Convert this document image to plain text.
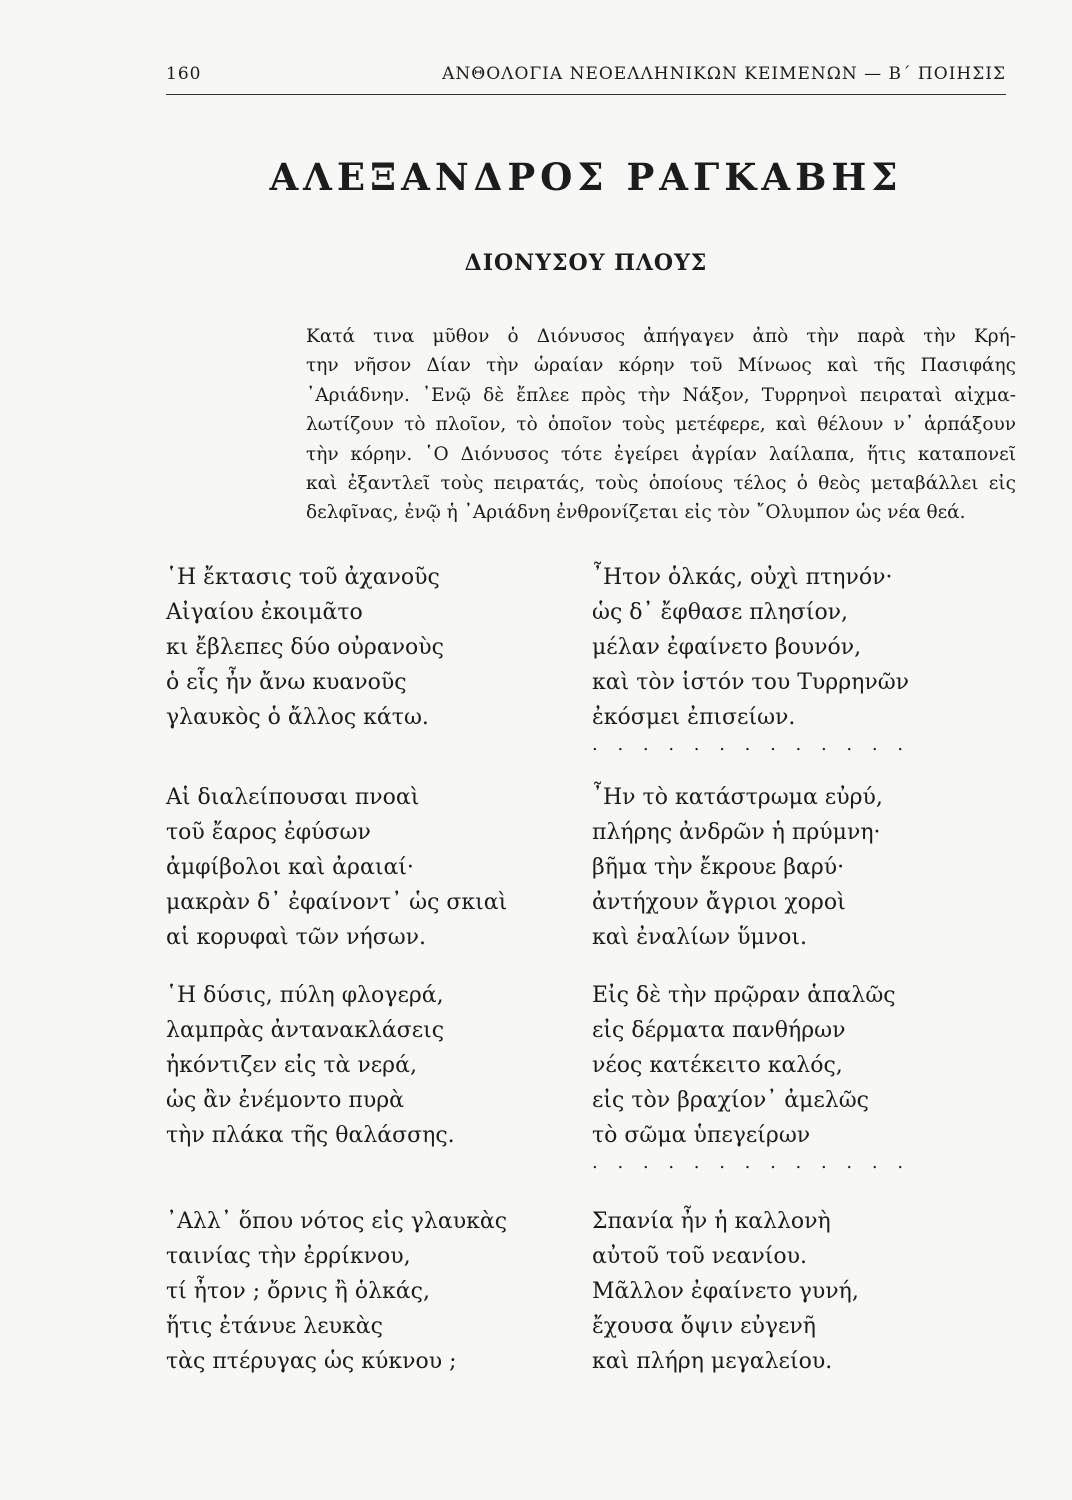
160	ΑΝΘΟΛΟΓΙΑ ΝΕΟΕΛΛΗΝΙΚΩΝ ΚΕΙΜΕΝΩΝ — Β΄ ΠΟΙΗΣΙΣ
ΑΛΕΞΑΝΔΡΟΣ ΡΑΓΚΑΒΗΣ
ΔΙΟΝΥΣΟΥ ΠΛΟΥΣ
Κατά τινα μῦθον ὁ Διόνυσος ἀπήγαγεν ἀπὸ τὴν παρὰ τὴν Κρή-
την νῆσον Δίαν τὴν ὡραίαν κόρην τοῦ Μίνωος καὶ τῆς Πασιφάης
᾿Αριάδνην. ᾿Ενῷ δὲ ἔπλεε πρὸς τὴν Νάξον, Τυρρηνοὶ πειραταὶ αἰχμα-
λωτίζουν τὸ πλοῖον, τὸ ὁποῖον τοὺς μετέφερε, καὶ θέλουν ν᾿ ἁρπάξουν
τὴν κόρην. ῾Ο Διόνυσος τότε ἐγείρει ἀγρίαν λαίλαπα, ἥτις καταπονεῖ
καὶ ἐξαντλεῖ τοὺς πειρατάς, τοὺς ὁποίους τέλος ὁ θεὸς μεταβάλλει εἰς
δελφῖνας, ἐνῷ ἡ ᾿Αριάδνη ἐνθρονίζεται εἰς τὸν ῎Ολυμπον ὡς νέα θεά.
῾Η ἔκτασις τοῦ ἀχανοῦς
Αἰγαίου ἐκοιμᾶτο
κι ἔβλεπες δύο οὐρανοὺς
ὁ εἷς ἦν ἄνω κυανοῦς
γλαυκὸς ὁ ἄλλος κάτω.
Αἱ διαλείπουσαι πνοαὶ
τοῦ ἔαρος ἐφύσων
ἀμφίβολοι καὶ ἀραιαί·
μακρὰν δ᾿ ἐφαίνοντ᾿ ὡς σκιαὶ
αἱ κορυφαὶ τῶν νήσων.
῾Η δύσις, πύλη φλογερά,
λαμπρὰς ἀντανακλάσεις
ἠκόντιζεν εἰς τὰ νερά,
ὡς ἂν ἐνέμοντο πυρὰ
τὴν πλάκα τῆς θαλάσσης.
᾿Αλλ᾿ ὅπου νότος εἰς γλαυκὰς
ταινίας τὴν ἐρρίκνου,
τί ἦτον ; ὄρνις ἢ ὁλκάς,
ἥτις ἐτάνυε λευκὰς
τὰς πτέρυγας ὡς κύκνου ;
῏Ητον ὁλκάς, οὐχὶ πτηνόν·
ὡς δ᾿ ἔφθασε πλησίον,
μέλαν ἐφαίνετο βουνόν,
καὶ τὸν ἱστόν του Τυρρηνῶν
ἐκόσμει ἐπισείων.
. . . . . . . . . . . . .
῏Ην τὸ κατάστρωμα εὐρύ,
πλήρης ἀνδρῶν ἡ πρύμνη·
βῆμα τὴν ἔκρουε βαρύ·
ἀντήχουν ἄγριοι χοροὶ
καὶ ἐναλίων ὕμνοι.
Εἰς δὲ τὴν πρῷραν ἁπαλῶς
εἰς δέρματα πανθήρων
νέος κατέκειτο καλός,
εἰς τὸν βραχίον᾿ ἀμελῶς
τὸ σῶμα ὑπεγείρων
. . . . . . . . . . . . .
Σπανία ἦν ἡ καλλονὴ
αὐτοῦ τοῦ νεανίου.
Μᾶλλον ἐφαίνετο γυνή,
ἔχουσα ὄψιν εὐγενῆ
καὶ πλήρη μεγαλείου.
